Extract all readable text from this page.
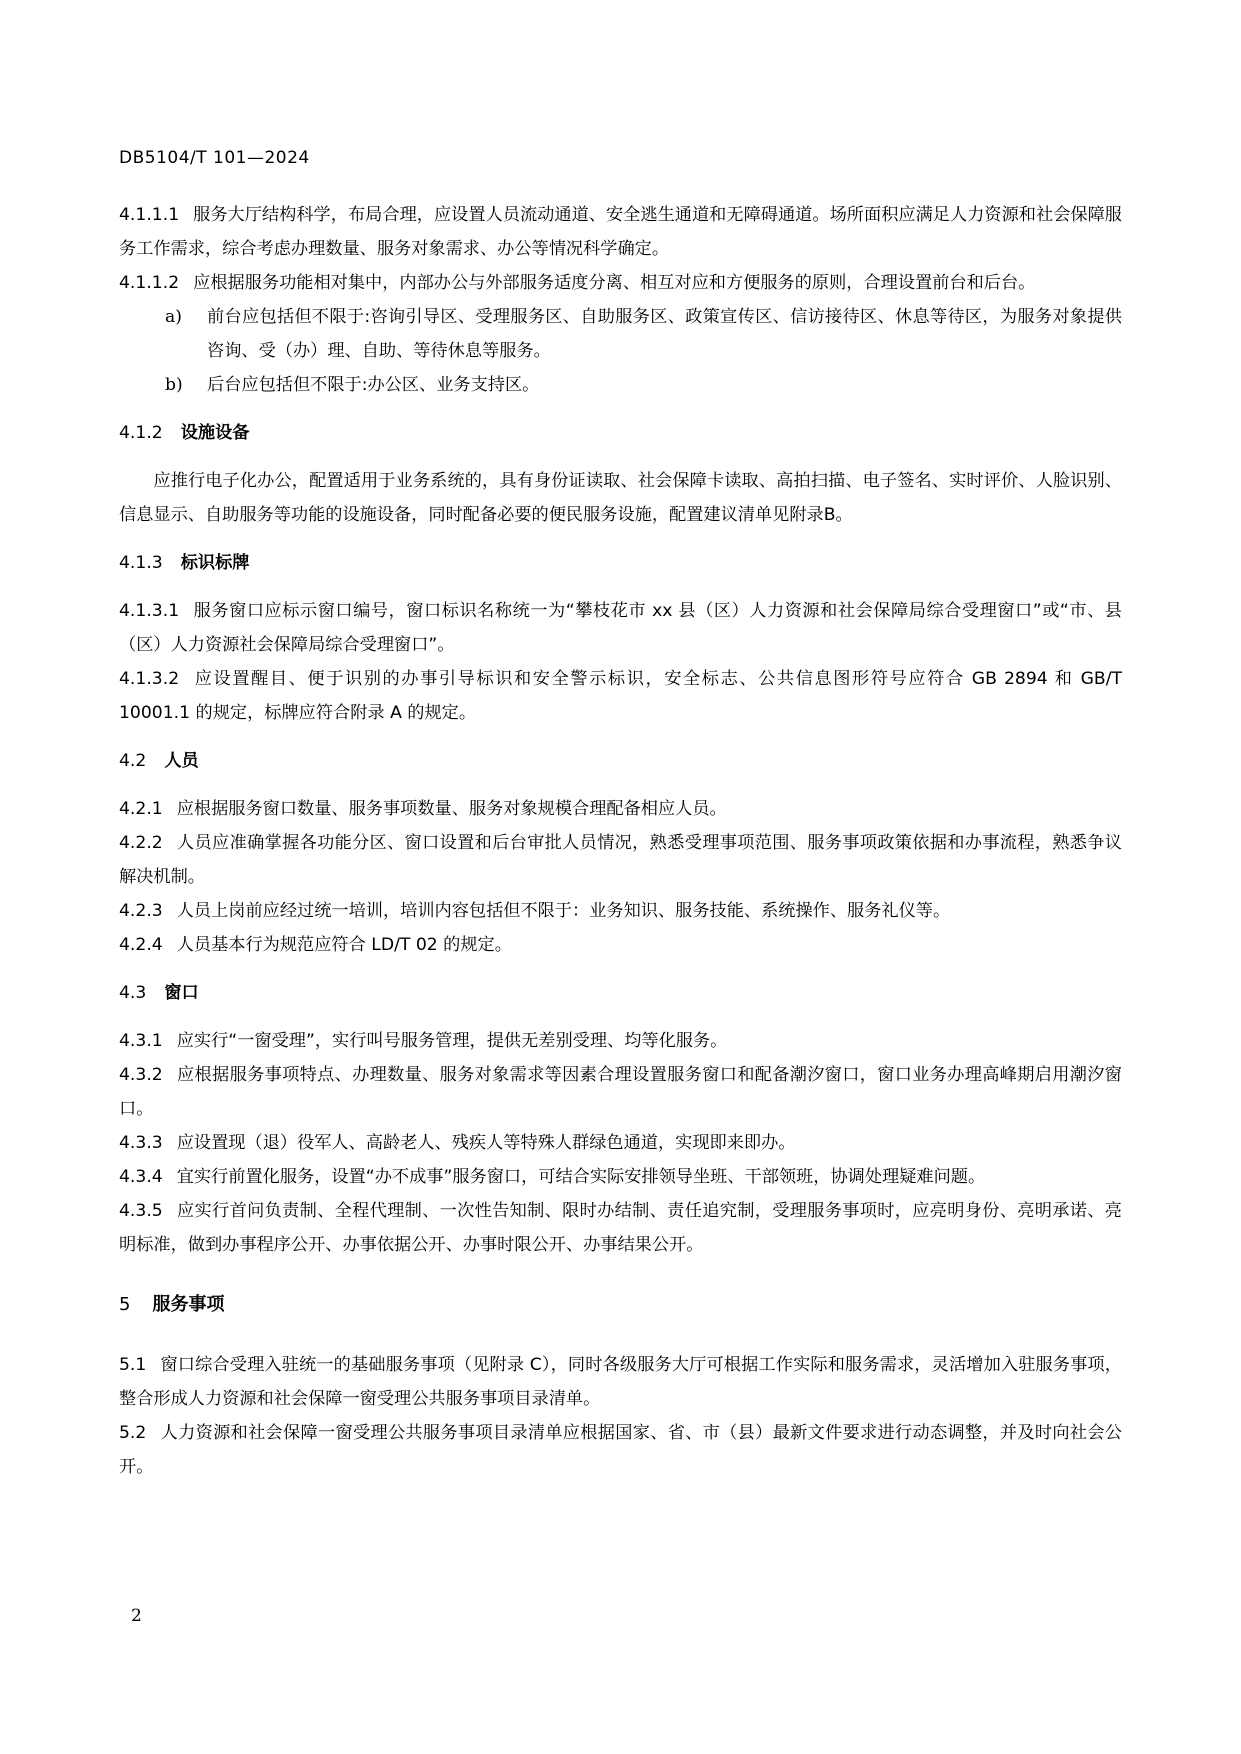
DB5104/T 101—2024

4.1.1.1 服务大厅结构科学，布局合理，应设置人员流动通道、安全逃生通道和无障碍通道。场所面积应满足人力资源和社会保障服务工作需求，综合考虑办理数量、服务对象需求、办公等情况科学确定。

4.1.1.2 应根据服务功能相对集中，内部办公与外部服务适度分离、相互对应和方便服务的原则，合理设置前台和后台。

a) 前台应包括但不限于:咨询引导区、受理服务区、自助服务区、政策宣传区、信访接待区、休息等待区，为服务对象提供咨询、受（办）理、自助、等待休息等服务。

b) 后台应包括但不限于:办公区、业务支持区。

4.1.2 设施设备

应推行电子化办公，配置适用于业务系统的，具有身份证读取、社会保障卡读取、高拍扫描、电子签名、实时评价、人脸识别、信息显示、自助服务等功能的设施设备，同时配备必要的便民服务设施，配置建议清单见附录B。

4.1.3 标识标牌

4.1.3.1 服务窗口应标示窗口编号，窗口标识名称统一为“攀枝花市 xx 县（区）人力资源和社会保障局综合受理窗口”或“市、县（区）人力资源社会保障局综合受理窗口”。

4.1.3.2 应设置醒目、便于识别的办事引导标识和安全警示标识，安全标志、公共信息图形符号应符合 GB 2894 和 GB/T 10001.1 的规定，标牌应符合附录 A 的规定。

4.2 人员

4.2.1 应根据服务窗口数量、服务事项数量、服务对象规模合理配备相应人员。

4.2.2 人员应准确掌握各功能分区、窗口设置和后台审批人员情况，熟悉受理事项范围、服务事项政策依据和办事流程，熟悉争议解决机制。

4.2.3 人员上岗前应经过统一培训，培训内容包括但不限于：业务知识、服务技能、系统操作、服务礼仪等。

4.2.4 人员基本行为规范应符合 LD/T 02 的规定。

4.3 窗口

4.3.1 应实行“一窗受理”，实行叫号服务管理，提供无差别受理、均等化服务。

4.3.2 应根据服务事项特点、办理数量、服务对象需求等因素合理设置服务窗口和配备潮汐窗口，窗口业务办理高峰期启用潮汐窗口。

4.3.3 应设置现（退）役军人、高龄老人、残疾人等特殊人群绿色通道，实现即来即办。

4.3.4 宜实行前置化服务，设置“办不成事”服务窗口，可结合实际安排领导坐班、干部领班，协调处理疑难问题。

4.3.5 应实行首问负责制、全程代理制、一次性告知制、限时办结制、责任追究制，受理服务事项时，应亮明身份、亮明承诺、亮明标准，做到办事程序公开、办事依据公开、办事时限公开、办事结果公开。

5 服务事项

5.1 窗口综合受理入驻统一的基础服务事项（见附录 C），同时各级服务大厅可根据工作实际和服务需求，灵活增加入驻服务事项，整合形成人力资源和社会保障一窗受理公共服务事项目录清单。

5.2 人力资源和社会保障一窗受理公共服务事项目录清单应根据国家、省、市（县）最新文件要求进行动态调整，并及时向社会公开。

2
